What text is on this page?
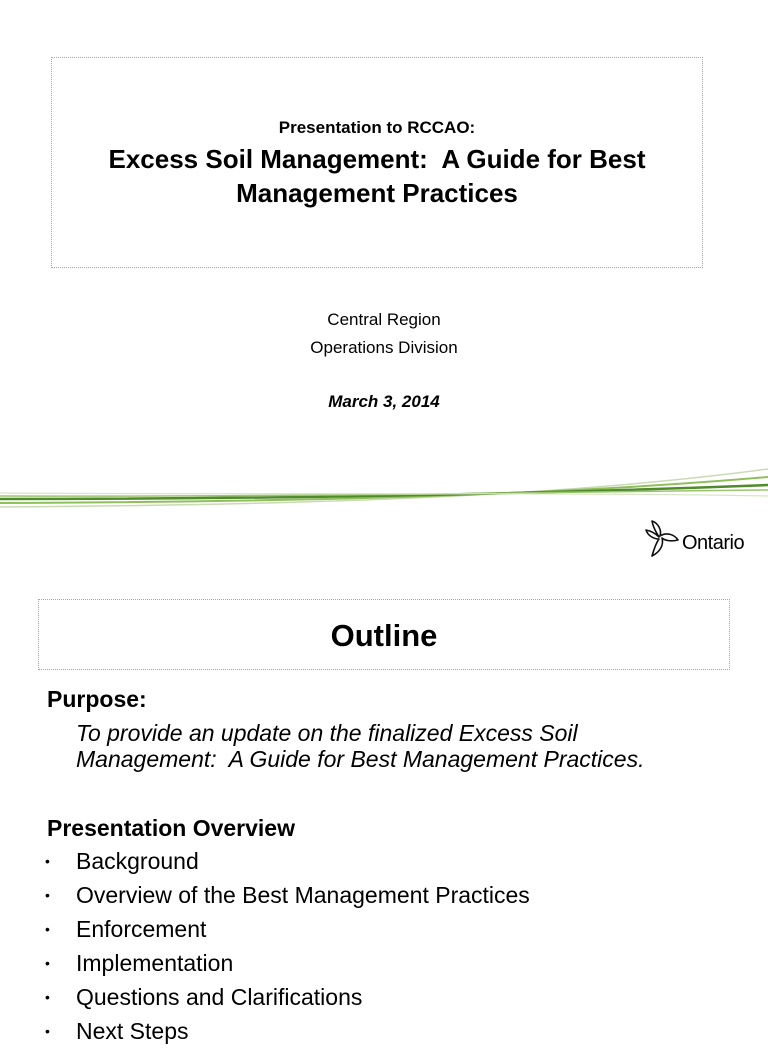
Presentation to RCCAO:
Excess Soil Management:  A Guide for Best
Management Practices
Central Region
Operations Division
March 3, 2014
Ontario
Outline
Purpose:
To provide an update on the finalized Excess Soil
Management:  A Guide for Best Management Practices.
Presentation Overview
• Background
• Overview of the Best Management Practices
• Enforcement
• Implementation
• Questions and Clarifications
• Next Steps
